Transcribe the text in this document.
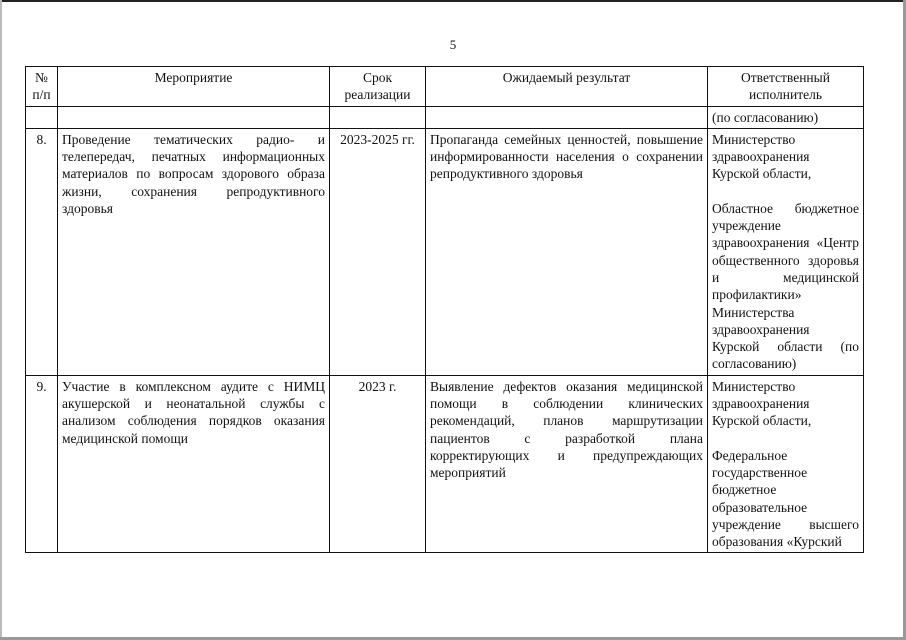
5
№ п/п	Мероприятие	Срок реализации	Ожидаемый результат	Ответственный исполнитель
				(по согласованию)
8.	Проведение тематических радио- и телепередач, печатных информационных материалов по вопросам здорового образа жизни, сохранения репродуктивного здоровья	2023-2025 гг.	Пропаганда семейных ценностей, повышение информированности населения о сохранении репродуктивного здоровья	Министерство здравоохранения Курской области,
Областное бюджетное учреждение здравоохранения «Центр общественного здоровья и медицинской профилактики» Министерства здравоохранения Курской области (по согласованию)

9.	Участие в комплексном аудите с НИМЦ акушерской и неонатальной службы с анализом соблюдения порядков оказания медицинской помощи	2023 г.	Выявление дефектов оказания медицинской помощи в соблюдении клинических рекомендаций, планов маршрутизации пациентов с разработкой плана корректирующих и предупреждающих мероприятий	Министерство здравоохранения Курской области,
Федеральное государственное бюджетное образовательное учреждение высшего образования «Курский
